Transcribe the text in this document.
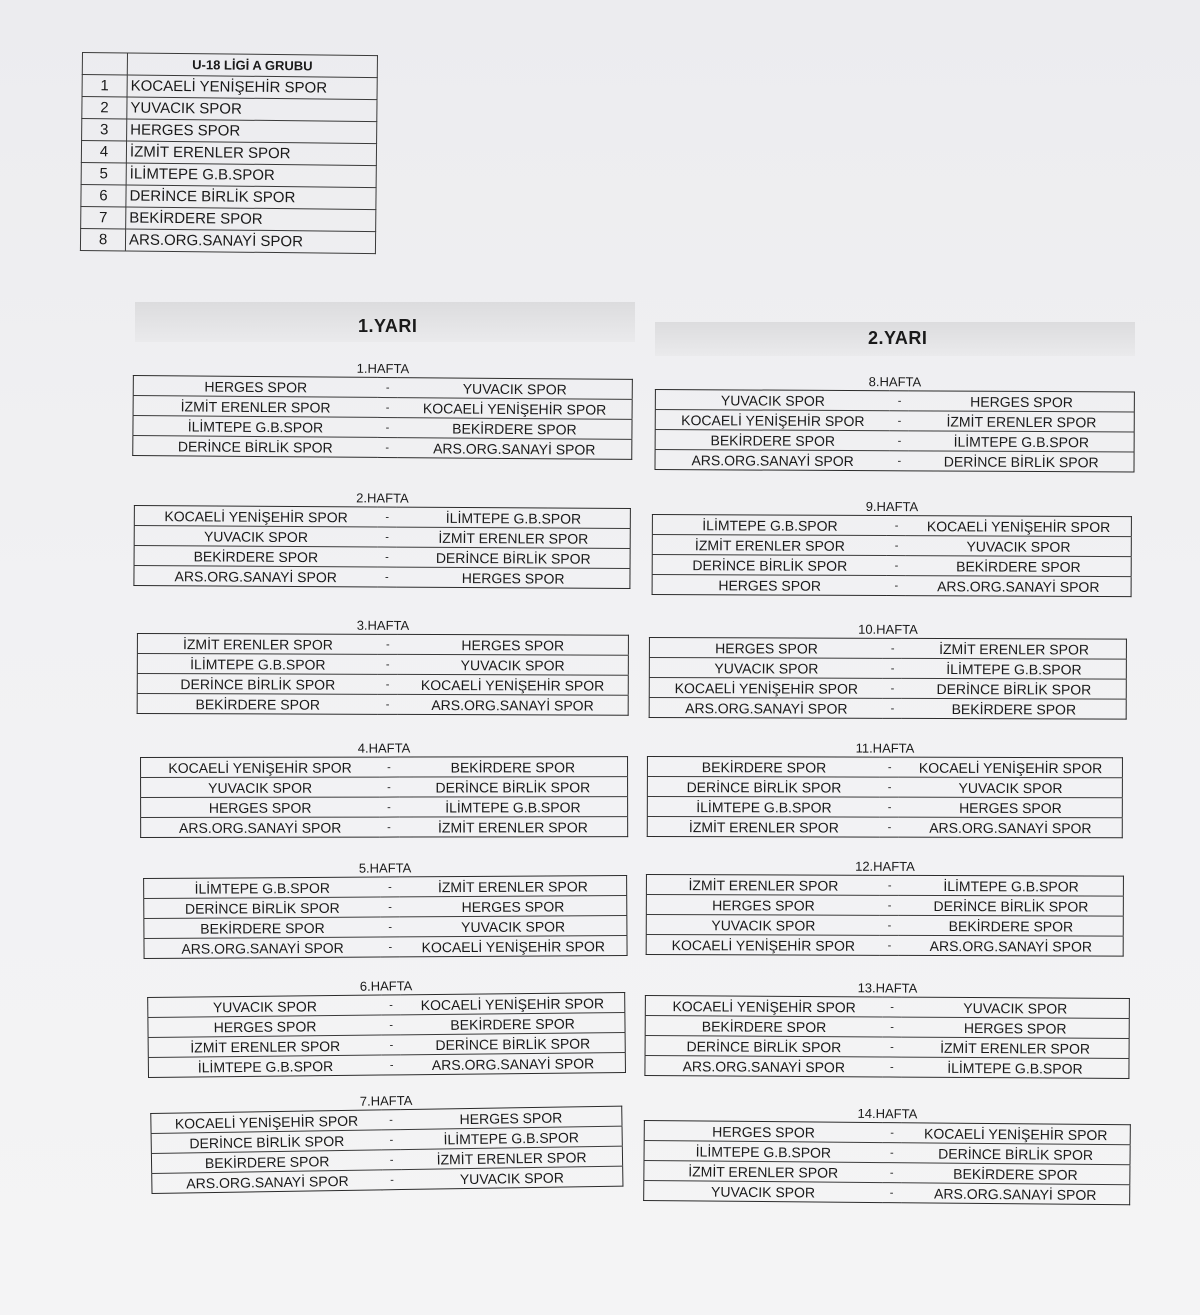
	U-18 LİGİ A GRUBU
1	KOCAELİ YENİŞEHİR SPOR
2	YUVACIK SPOR
3	HERGES SPOR
4	İZMİT ERENLER SPOR
5	İLİMTEPE G.B.SPOR
6	DERİNCE BİRLİK SPOR
7	BEKİRDERE SPOR
8	ARS.ORG.SANAYİ SPOR
1.YARI
2.YARI
1.HAFTA
HERGES SPOR	-	YUVACIK SPOR
İZMİT ERENLER SPOR	-	KOCAELİ YENİŞEHİR SPOR
İLİMTEPE G.B.SPOR	-	BEKİRDERE SPOR
DERİNCE BİRLİK SPOR	-	ARS.ORG.SANAYİ SPOR
2.HAFTA
KOCAELİ YENİŞEHİR SPOR	-	İLİMTEPE G.B.SPOR
YUVACIK SPOR	-	İZMİT ERENLER SPOR
BEKİRDERE SPOR	-	DERİNCE BİRLİK SPOR
ARS.ORG.SANAYİ SPOR	-	HERGES SPOR
3.HAFTA
İZMİT ERENLER SPOR	-	HERGES SPOR
İLİMTEPE G.B.SPOR	-	YUVACIK SPOR
DERİNCE BİRLİK SPOR	-	KOCAELİ YENİŞEHİR SPOR
BEKİRDERE SPOR	-	ARS.ORG.SANAYİ SPOR
4.HAFTA
KOCAELİ YENİŞEHİR SPOR	-	BEKİRDERE SPOR
YUVACIK SPOR	-	DERİNCE BİRLİK SPOR
HERGES SPOR	-	İLİMTEPE G.B.SPOR
ARS.ORG.SANAYİ SPOR	-	İZMİT ERENLER SPOR
5.HAFTA
İLİMTEPE G.B.SPOR	-	İZMİT ERENLER SPOR
DERİNCE BİRLİK SPOR	-	HERGES SPOR
BEKİRDERE SPOR	-	YUVACIK SPOR
ARS.ORG.SANAYİ SPOR	-	KOCAELİ YENİŞEHİR SPOR
6.HAFTA
YUVACIK SPOR	-	KOCAELİ YENİŞEHİR SPOR
HERGES SPOR	-	BEKİRDERE SPOR
İZMİT ERENLER SPOR	-	DERİNCE BİRLİK SPOR
İLİMTEPE G.B.SPOR	-	ARS.ORG.SANAYİ SPOR
7.HAFTA
KOCAELİ YENİŞEHİR SPOR	-	HERGES SPOR
DERİNCE BİRLİK SPOR	-	İLİMTEPE G.B.SPOR
BEKİRDERE SPOR	-	İZMİT ERENLER SPOR
ARS.ORG.SANAYİ SPOR	-	YUVACIK SPOR
8.HAFTA
YUVACIK SPOR	-	HERGES SPOR
KOCAELİ YENİŞEHİR SPOR	-	İZMİT ERENLER SPOR
BEKİRDERE SPOR	-	İLİMTEPE G.B.SPOR
ARS.ORG.SANAYİ SPOR	-	DERİNCE BİRLİK SPOR
9.HAFTA
İLİMTEPE G.B.SPOR	-	KOCAELİ YENİŞEHİR SPOR
İZMİT ERENLER SPOR	-	YUVACIK SPOR
DERİNCE BİRLİK SPOR	-	BEKİRDERE SPOR
HERGES SPOR	-	ARS.ORG.SANAYİ SPOR
10.HAFTA
HERGES SPOR	-	İZMİT ERENLER SPOR
YUVACIK SPOR	-	İLİMTEPE G.B.SPOR
KOCAELİ YENİŞEHİR SPOR	-	DERİNCE BİRLİK SPOR
ARS.ORG.SANAYİ SPOR	-	BEKİRDERE SPOR
11.HAFTA
BEKİRDERE SPOR	-	KOCAELİ YENİŞEHİR SPOR
DERİNCE BİRLİK SPOR	-	YUVACIK SPOR
İLİMTEPE G.B.SPOR	-	HERGES SPOR
İZMİT ERENLER SPOR	-	ARS.ORG.SANAYİ SPOR
12.HAFTA
İZMİT ERENLER SPOR	-	İLİMTEPE G.B.SPOR
HERGES SPOR	-	DERİNCE BİRLİK SPOR
YUVACIK SPOR	-	BEKİRDERE SPOR
KOCAELİ YENİŞEHİR SPOR	-	ARS.ORG.SANAYİ SPOR
13.HAFTA
KOCAELİ YENİŞEHİR SPOR	-	YUVACIK SPOR
BEKİRDERE SPOR	-	HERGES SPOR
DERİNCE BİRLİK SPOR	-	İZMİT ERENLER SPOR
ARS.ORG.SANAYİ SPOR	-	İLİMTEPE G.B.SPOR
14.HAFTA
HERGES SPOR	-	KOCAELİ YENİŞEHİR SPOR
İLİMTEPE G.B.SPOR	-	DERİNCE BİRLİK SPOR
İZMİT ERENLER SPOR	-	BEKİRDERE SPOR
YUVACIK SPOR	-	ARS.ORG.SANAYİ SPOR
